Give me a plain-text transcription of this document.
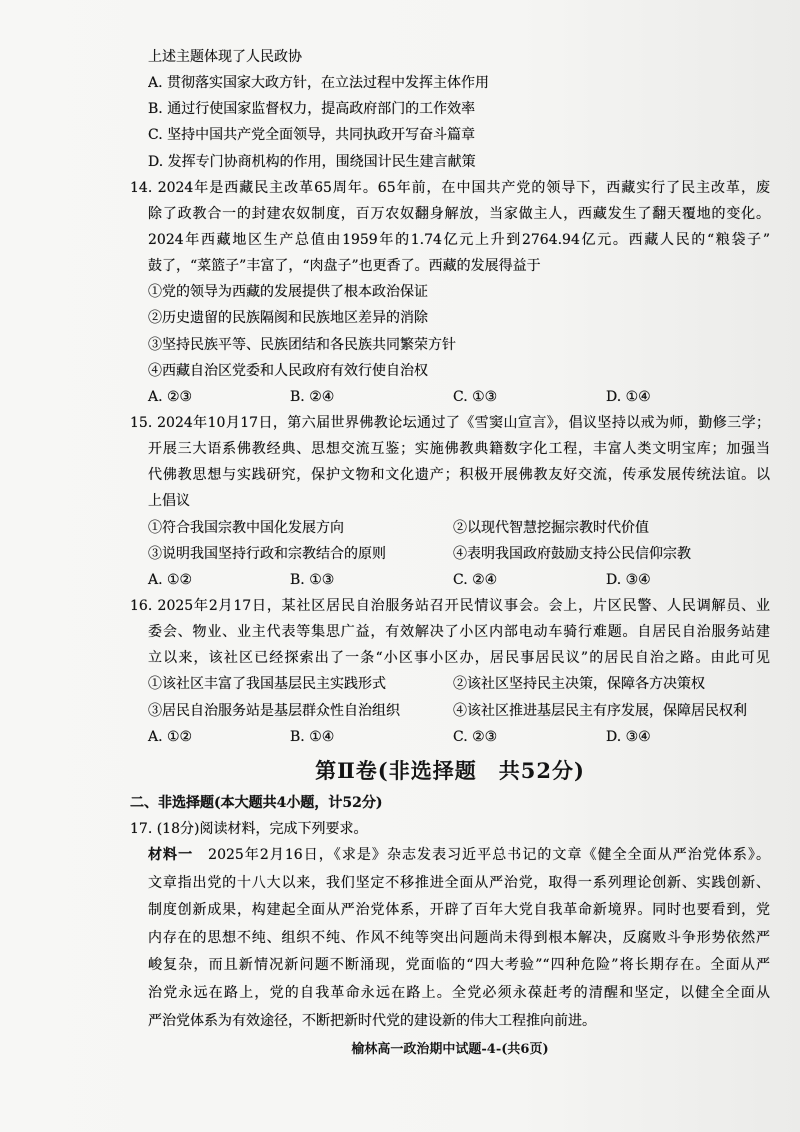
上述主题体现了人民政协
A. 贯彻落实国家大政方针，在立法过程中发挥主体作用
B. 通过行使国家监督权力，提高政府部门的工作效率
C. 坚持中国共产党全面领导，共同执政开写奋斗篇章
D. 发挥专门协商机构的作用，围绕国计民生建言献策
14. 2024年是西藏民主改革65周年。65年前，在中国共产党的领导下，西藏实行了民主改革，废
除了政教合一的封建农奴制度，百万农奴翻身解放，当家做主人，西藏发生了翻天覆地的变化。
2024年西藏地区生产总值由1959年的1.74亿元上升到2764.94亿元。西藏人民的“粮袋子”
鼓了，“菜篮子”丰富了，“肉盘子”也更香了。西藏的发展得益于
①党的领导为西藏的发展提供了根本政治保证
②历史遗留的民族隔阂和民族地区差异的消除
③坚持民族平等、民族团结和各民族共同繁荣方针
④西藏自治区党委和人民政府有效行使自治权
A. ②③	B. ②④	C. ①③	D. ①④
15. 2024年10月17日，第六届世界佛教论坛通过了《雪窦山宣言》，倡议坚持以戒为师，勤修三学；
开展三大语系佛教经典、思想交流互鉴；实施佛教典籍数字化工程，丰富人类文明宝库；加强当
代佛教思想与实践研究，保护文物和文化遗产；积极开展佛教友好交流，传承发展传统法谊。以
上倡议
①符合我国宗教中国化发展方向	②以现代智慧挖掘宗教时代价值
③说明我国坚持行政和宗教结合的原则	④表明我国政府鼓励支持公民信仰宗教
A. ①②	B. ①③	C. ②④	D. ③④
16. 2025年2月17日，某社区居民自治服务站召开民情议事会。会上，片区民警、人民调解员、业
委会、物业、业主代表等集思广益，有效解决了小区内部电动车骑行难题。自居民自治服务站建
立以来，该社区已经探索出了一条“小区事小区办，居民事居民议”的居民自治之路。由此可见
①该社区丰富了我国基层民主实践形式	②该社区坚持民主决策，保障各方决策权
③居民自治服务站是基层群众性自治组织	④该社区推进基层民主有序发展，保障居民权利
A. ①②	B. ①④	C. ②③	D. ③④
第Ⅱ卷(非选择题　共52分)
二、非选择题(本大题共4小题，计52分)
17. (18分)阅读材料，完成下列要求。
材料一　2025年2月16日，《求是》杂志发表习近平总书记的文章《健全全面从严治党体系》。
文章指出党的十八大以来，我们坚定不移推进全面从严治党，取得一系列理论创新、实践创新、
制度创新成果，构建起全面从严治党体系，开辟了百年大党自我革命新境界。同时也要看到，党
内存在的思想不纯、组织不纯、作风不纯等突出问题尚未得到根本解决，反腐败斗争形势依然严
峻复杂，而且新情况新问题不断涌现，党面临的“四大考验”“四种危险”将长期存在。全面从严
治党永远在路上，党的自我革命永远在路上。全党必须永葆赶考的清醒和坚定，以健全全面从
严治党体系为有效途径，不断把新时代党的建设新的伟大工程推向前进。
榆林高一政治期中试题-4-(共6页)
